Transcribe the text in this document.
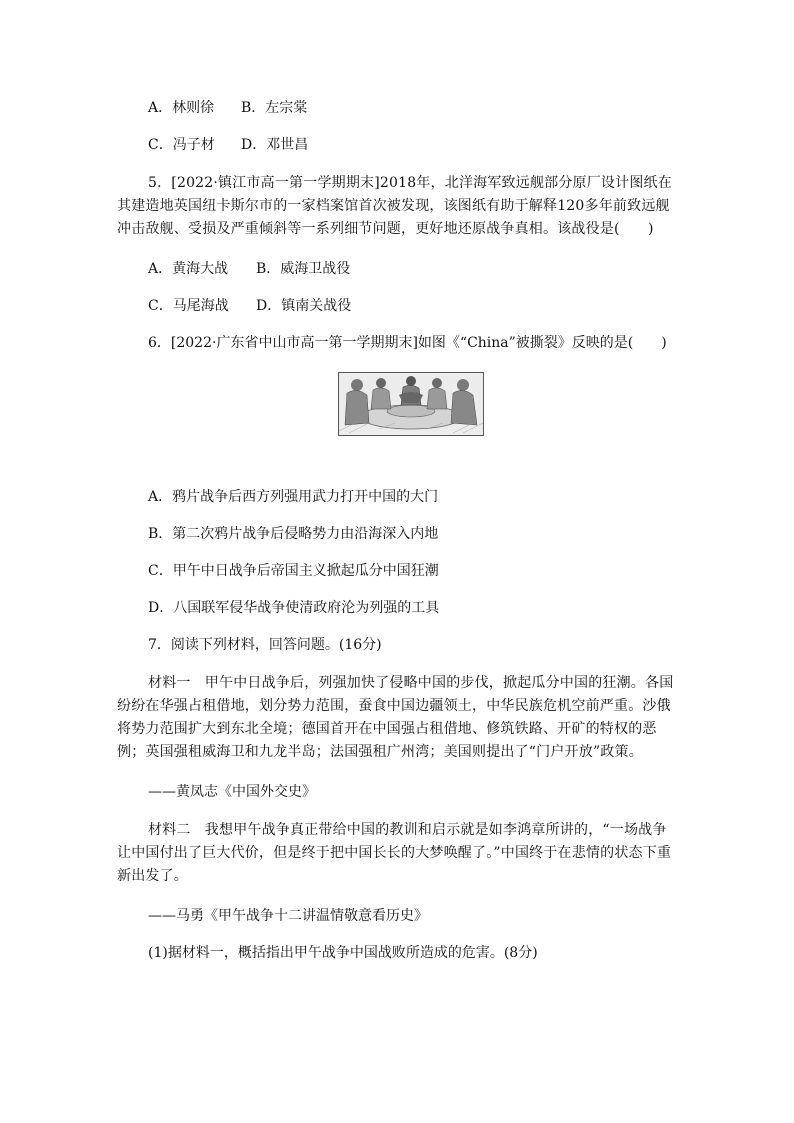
A．林则徐 B．左宗棠
C．冯子材 D．邓世昌
5．[2022·镇江市高一第一学期期末]2018年，北洋海军致远舰部分原厂设计图纸在其建造地英国纽卡斯尔市的一家档案馆首次被发现，该图纸有助于解释120多年前致远舰冲击敌舰、受损及严重倾斜等一系列细节问题，更好地还原战争真相。该战役是(　　)
A．黄海大战 B．威海卫战役
C．马尾海战 D．镇南关战役
6．[2022·广东省中山市高一第一学期期末]如图《“China”被撕裂》反映的是(　　)
A．鸦片战争后西方列强用武力打开中国的大门
B．第二次鸦片战争后侵略势力由沿海深入内地
C．甲午中日战争后帝国主义掀起瓜分中国狂潮
D．八国联军侵华战争使清政府沦为列强的工具
7．阅读下列材料，回答问题。(16分)
材料一　甲午中日战争后，列强加快了侵略中国的步伐，掀起瓜分中国的狂潮。各国纷纷在华强占租借地，划分势力范围，蚕食中国边疆领土，中华民族危机空前严重。沙俄将势力范围扩大到东北全境；德国首开在中国强占租借地、修筑铁路、开矿的特权的恶例；英国强租威海卫和九龙半岛；法国强租广州湾；美国则提出了“门户开放”政策。
——黄凤志《中国外交史》
材料二　我想甲午战争真正带给中国的教训和启示就是如李鸿章所讲的，“一场战争让中国付出了巨大代价，但是终于把中国长长的大梦唤醒了。”中国终于在悲情的状态下重新出发了。
——马勇《甲午战争十二讲温情敬意看历史》
(1)据材料一，概括指出甲午战争中国战败所造成的危害。(8分)
